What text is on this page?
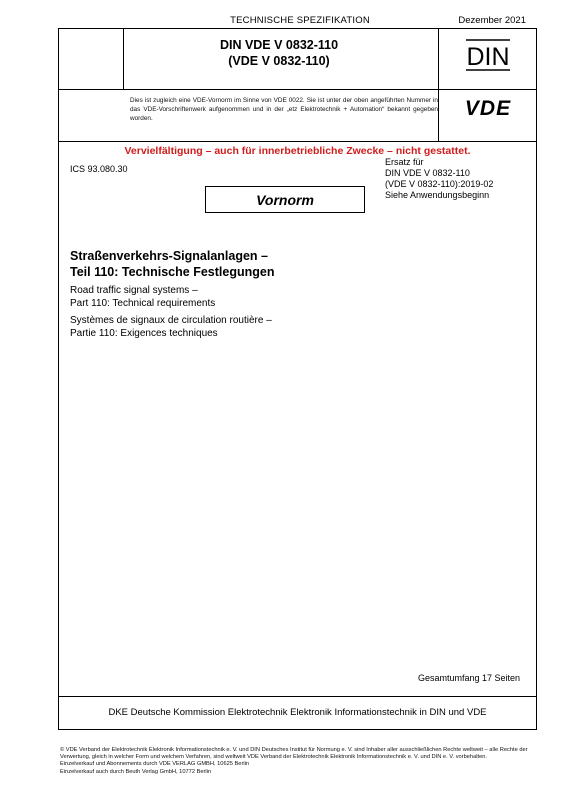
TECHNISCHE SPEZIFIKATION	Dezember 2021
DIN VDE V 0832-110
(VDE V 0832-110)	DIN
Dies ist zugleich eine VDE-Vornorm im Sinne von VDE 0022. Sie ist unter der oben angeführten Nummer in das VDE-Vorschriftenwerk aufgenommen und in der „etz Elektrotechnik + Automation“ bekannt gegeben worden.	VDE
Vervielfältigung – auch für innerbetriebliche Zwecke – nicht gestattet.
ICS 93.080.30
Ersatz für
DIN VDE V 0832-110
(VDE V 0832-110):2019-02
Siehe Anwendungsbeginn
Vornorm
Straßenverkehrs-Signalanlagen –
Teil 110: Technische Festlegungen
Road traffic signal systems –
Part 110: Technical requirements
Systèmes de signaux de circulation routière –
Partie 110: Exigences techniques
Gesamtumfang 17 Seiten
DKE Deutsche Kommission Elektrotechnik Elektronik Informationstechnik in DIN und VDE

© VDE Verband der Elektrotechnik Elektronik Informationstechnik e. V. und DIN Deutsches Institut für Normung e. V. sind Inhaber aller ausschließlichen Rechte weltweit – alle Rechte der Verwertung, gleich in welcher Form und welchem Verfahren, sind weltweit VDE Verband der Elektrotechnik Elektronik Informationstechnik e. V. und DIN e. V. vorbehalten.

Einzelverkauf und Abonnements durch VDE VERLAG GMBH, 10625 Berlin

Einzelverkauf auch durch Beuth Verlag GmbH, 10772 Berlin
